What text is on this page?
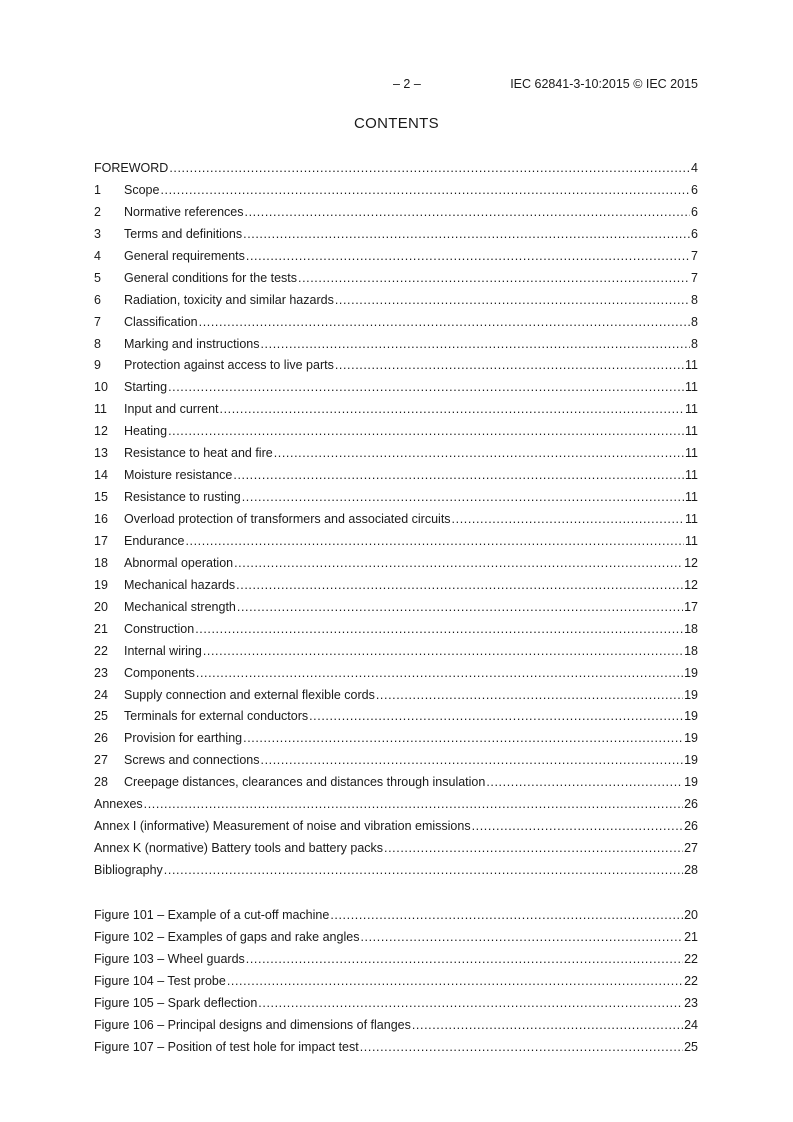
– 2 –	IEC 62841-3-10:2015 © IEC 2015
CONTENTS
FOREWORD .....	4
1	Scope .....	6
2	Normative references .....	6
3	Terms and definitions .....	6
4	General requirements .....	7
5	General conditions for the tests .....	7
6	Radiation, toxicity and similar hazards .....	8
7	Classification .....	8
8	Marking and instructions .....	8
9	Protection against access to live parts .....	11
10	Starting .....	11
11	Input and current .....	11
12	Heating .....	11
13	Resistance to heat and fire .....	11
14	Moisture resistance .....	11
15	Resistance to rusting .....	11
16	Overload protection of transformers and associated circuits .....	11
17	Endurance .....	11
18	Abnormal operation .....	12
19	Mechanical hazards .....	12
20	Mechanical strength .....	17
21	Construction .....	18
22	Internal wiring .....	18
23	Components .....	19
24	Supply connection and external flexible cords .....	19
25	Terminals for external conductors .....	19
26	Provision for earthing .....	19
27	Screws and connections .....	19
28	Creepage distances, clearances and distances through insulation .....	19
Annexes .....	26
Annex I (informative) Measurement of noise and vibration emissions .....	26
Annex K (normative) Battery tools and battery packs .....	27
Bibliography .....	28
Figure 101 – Example of a cut-off machine .....	20
Figure 102 – Examples of gaps and rake angles .....	21
Figure 103 – Wheel guards .....	22
Figure 104 – Test probe .....	22
Figure 105 – Spark deflection .....	23
Figure 106 – Principal designs and dimensions of flanges .....	24
Figure 107 – Position of test hole for impact test .....	25
